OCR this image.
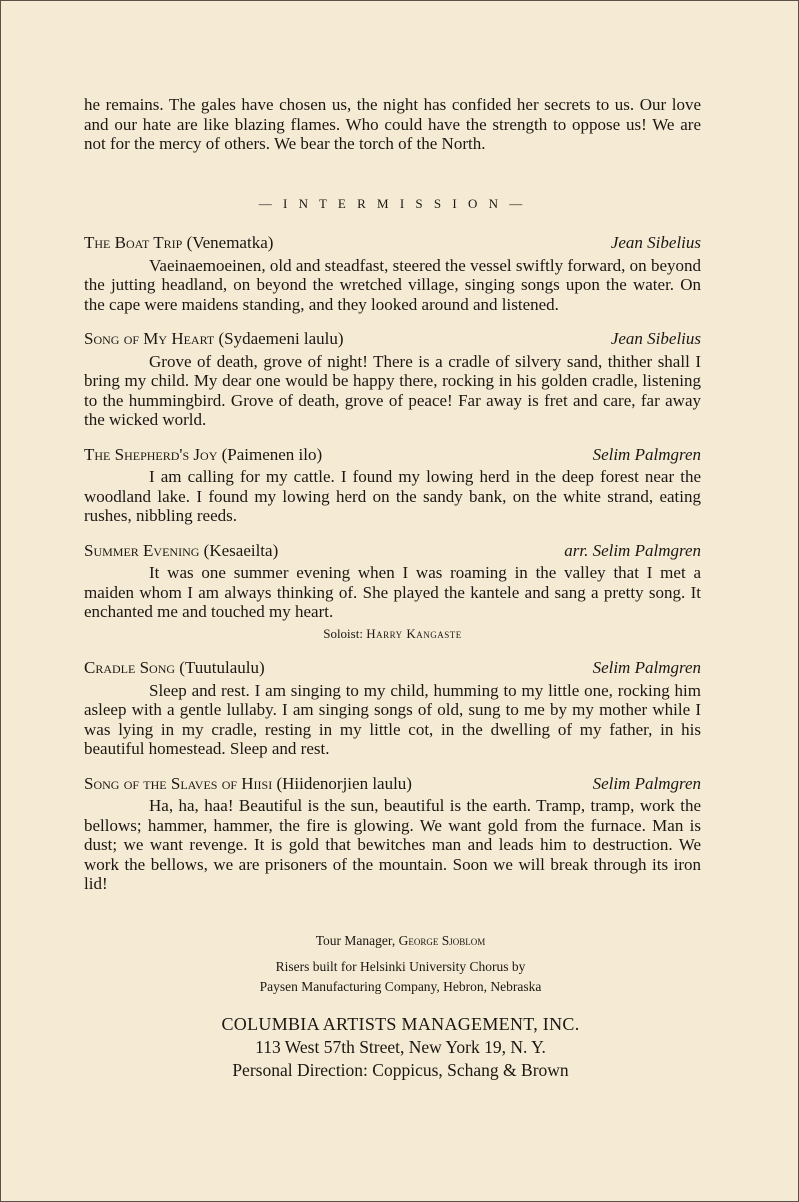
he remains. The gales have chosen us, the night has confided her secrets to us. Our love and our hate are like blazing flames. Who could have the strength to oppose us! We are not for the mercy of others. We bear the torch of the North.

— I N T E R M I S S I O N —
The Boat Trip (Venematka)	Jean Sibelius

Vaeinaemoeinen, old and steadfast, steered the vessel swiftly forward, on beyond the jutting headland, on beyond the wretched village, singing songs upon the water. On the cape were maidens standing, and they looked around and listened.

Song of My Heart (Sydaemeni laulu)	Jean Sibelius

Grove of death, grove of night! There is a cradle of silvery sand, thither shall I bring my child. My dear one would be happy there, rocking in his golden cradle, listening to the hummingbird. Grove of death, grove of peace! Far away is fret and care, far away the wicked world.

The Shepherd's Joy (Paimenen ilo)	Selim Palmgren

I am calling for my cattle. I found my lowing herd in the deep forest near the woodland lake. I found my lowing herd on the sandy bank, on the white strand, eating rushes, nibbling reeds.

Summer Evening (Kesaeilta)	arr. Selim Palmgren

It was one summer evening when I was roaming in the valley that I met a maiden whom I am always thinking of. She played the kantele and sang a pretty song. It enchanted me and touched my heart.

Soloist: Harry Kangaste
Cradle Song (Tuutulaulu)	Selim Palmgren

Sleep and rest. I am singing to my child, humming to my little one, rocking him asleep with a gentle lullaby. I am singing songs of old, sung to me by my mother while I was lying in my cradle, resting in my little cot, in the dwelling of my father, in his beautiful homestead. Sleep and rest.

Song of the Slaves of Hiisi (Hiidenorjien laulu)	Selim Palmgren

Ha, ha, haa! Beautiful is the sun, beautiful is the earth. Tramp, tramp, work the bellows; hammer, hammer, the fire is glowing. We want gold from the furnace. Man is dust; we want revenge. It is gold that bewitches man and leads him to destruction. We work the bellows, we are prisoners of the mountain. Soon we will break through its iron lid!

Tour Manager, George Sjoblom
Risers built for Helsinki University Chorus by
Paysen Manufacturing Company, Hebron, Nebraska
COLUMBIA ARTISTS MANAGEMENT, INC.
113 West 57th Street, New York 19, N. Y.
Personal Direction: Coppicus, Schang & Brown
